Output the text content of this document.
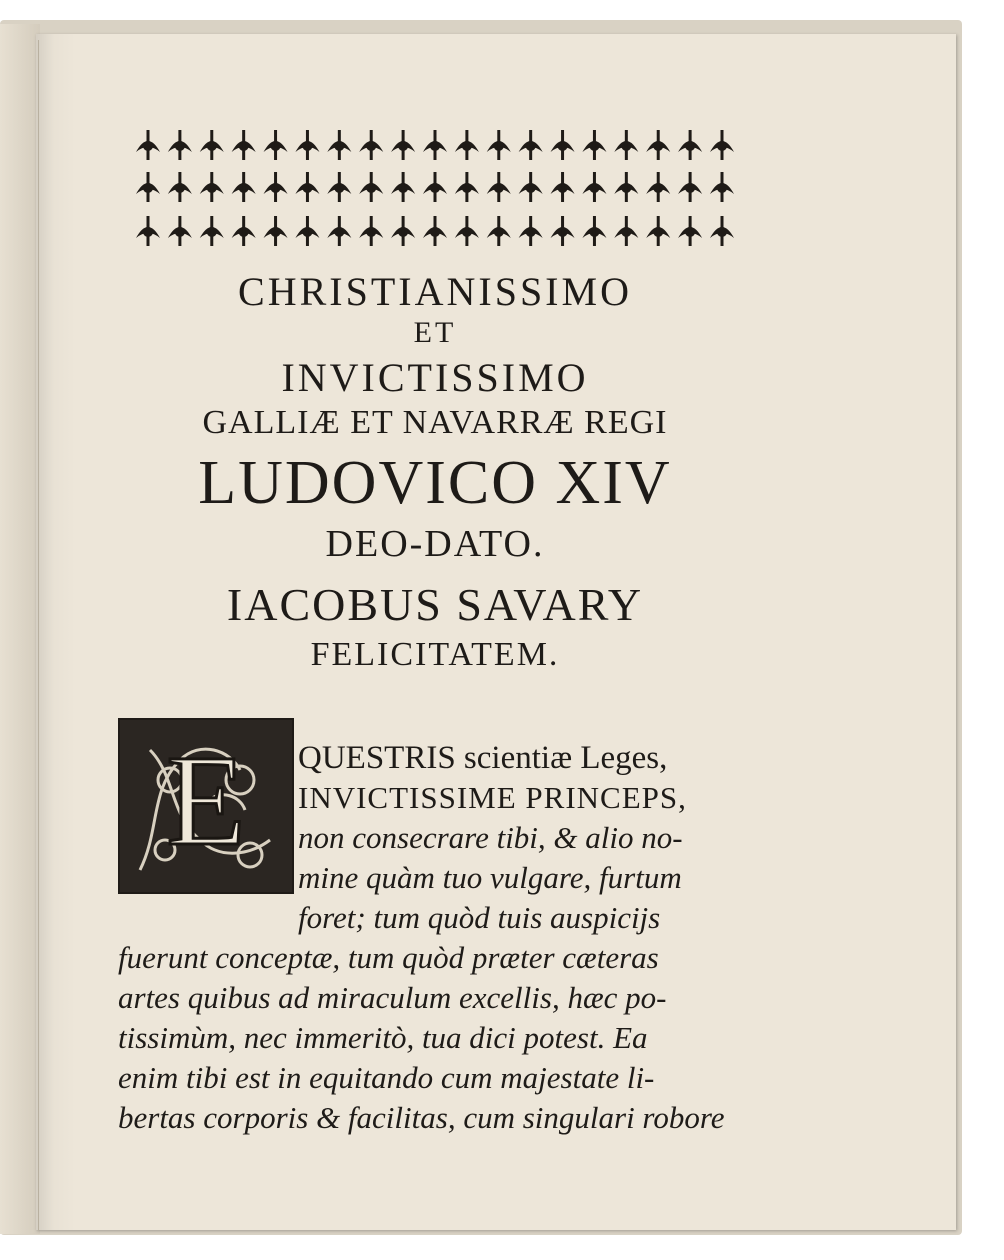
CHRISTIANISSIMO
ET
INVICTISSIMO
GALLIÆ ET NAVARRÆ REGI
LUDOVICO XIV
DEO-DATO.
IACOBUS SAVARY
FELICITATEM.
E QUESTRIS scientiæ Leges,
INVICTISSIME PRINCEPS,
non consecrare tibi, & alio no-
mine quàm tuo vulgare, furtum
foret; tum quòd tuis auspicijs
fuerunt conceptæ, tum quòd præter cæteras
artes quibus ad miraculum excellis, hæc po-
tissimùm, nec immeritò, tua dici potest. Ea
enim tibi est in equitando cum majestate li-
bertas corporis & facilitas, cum singulari robore
